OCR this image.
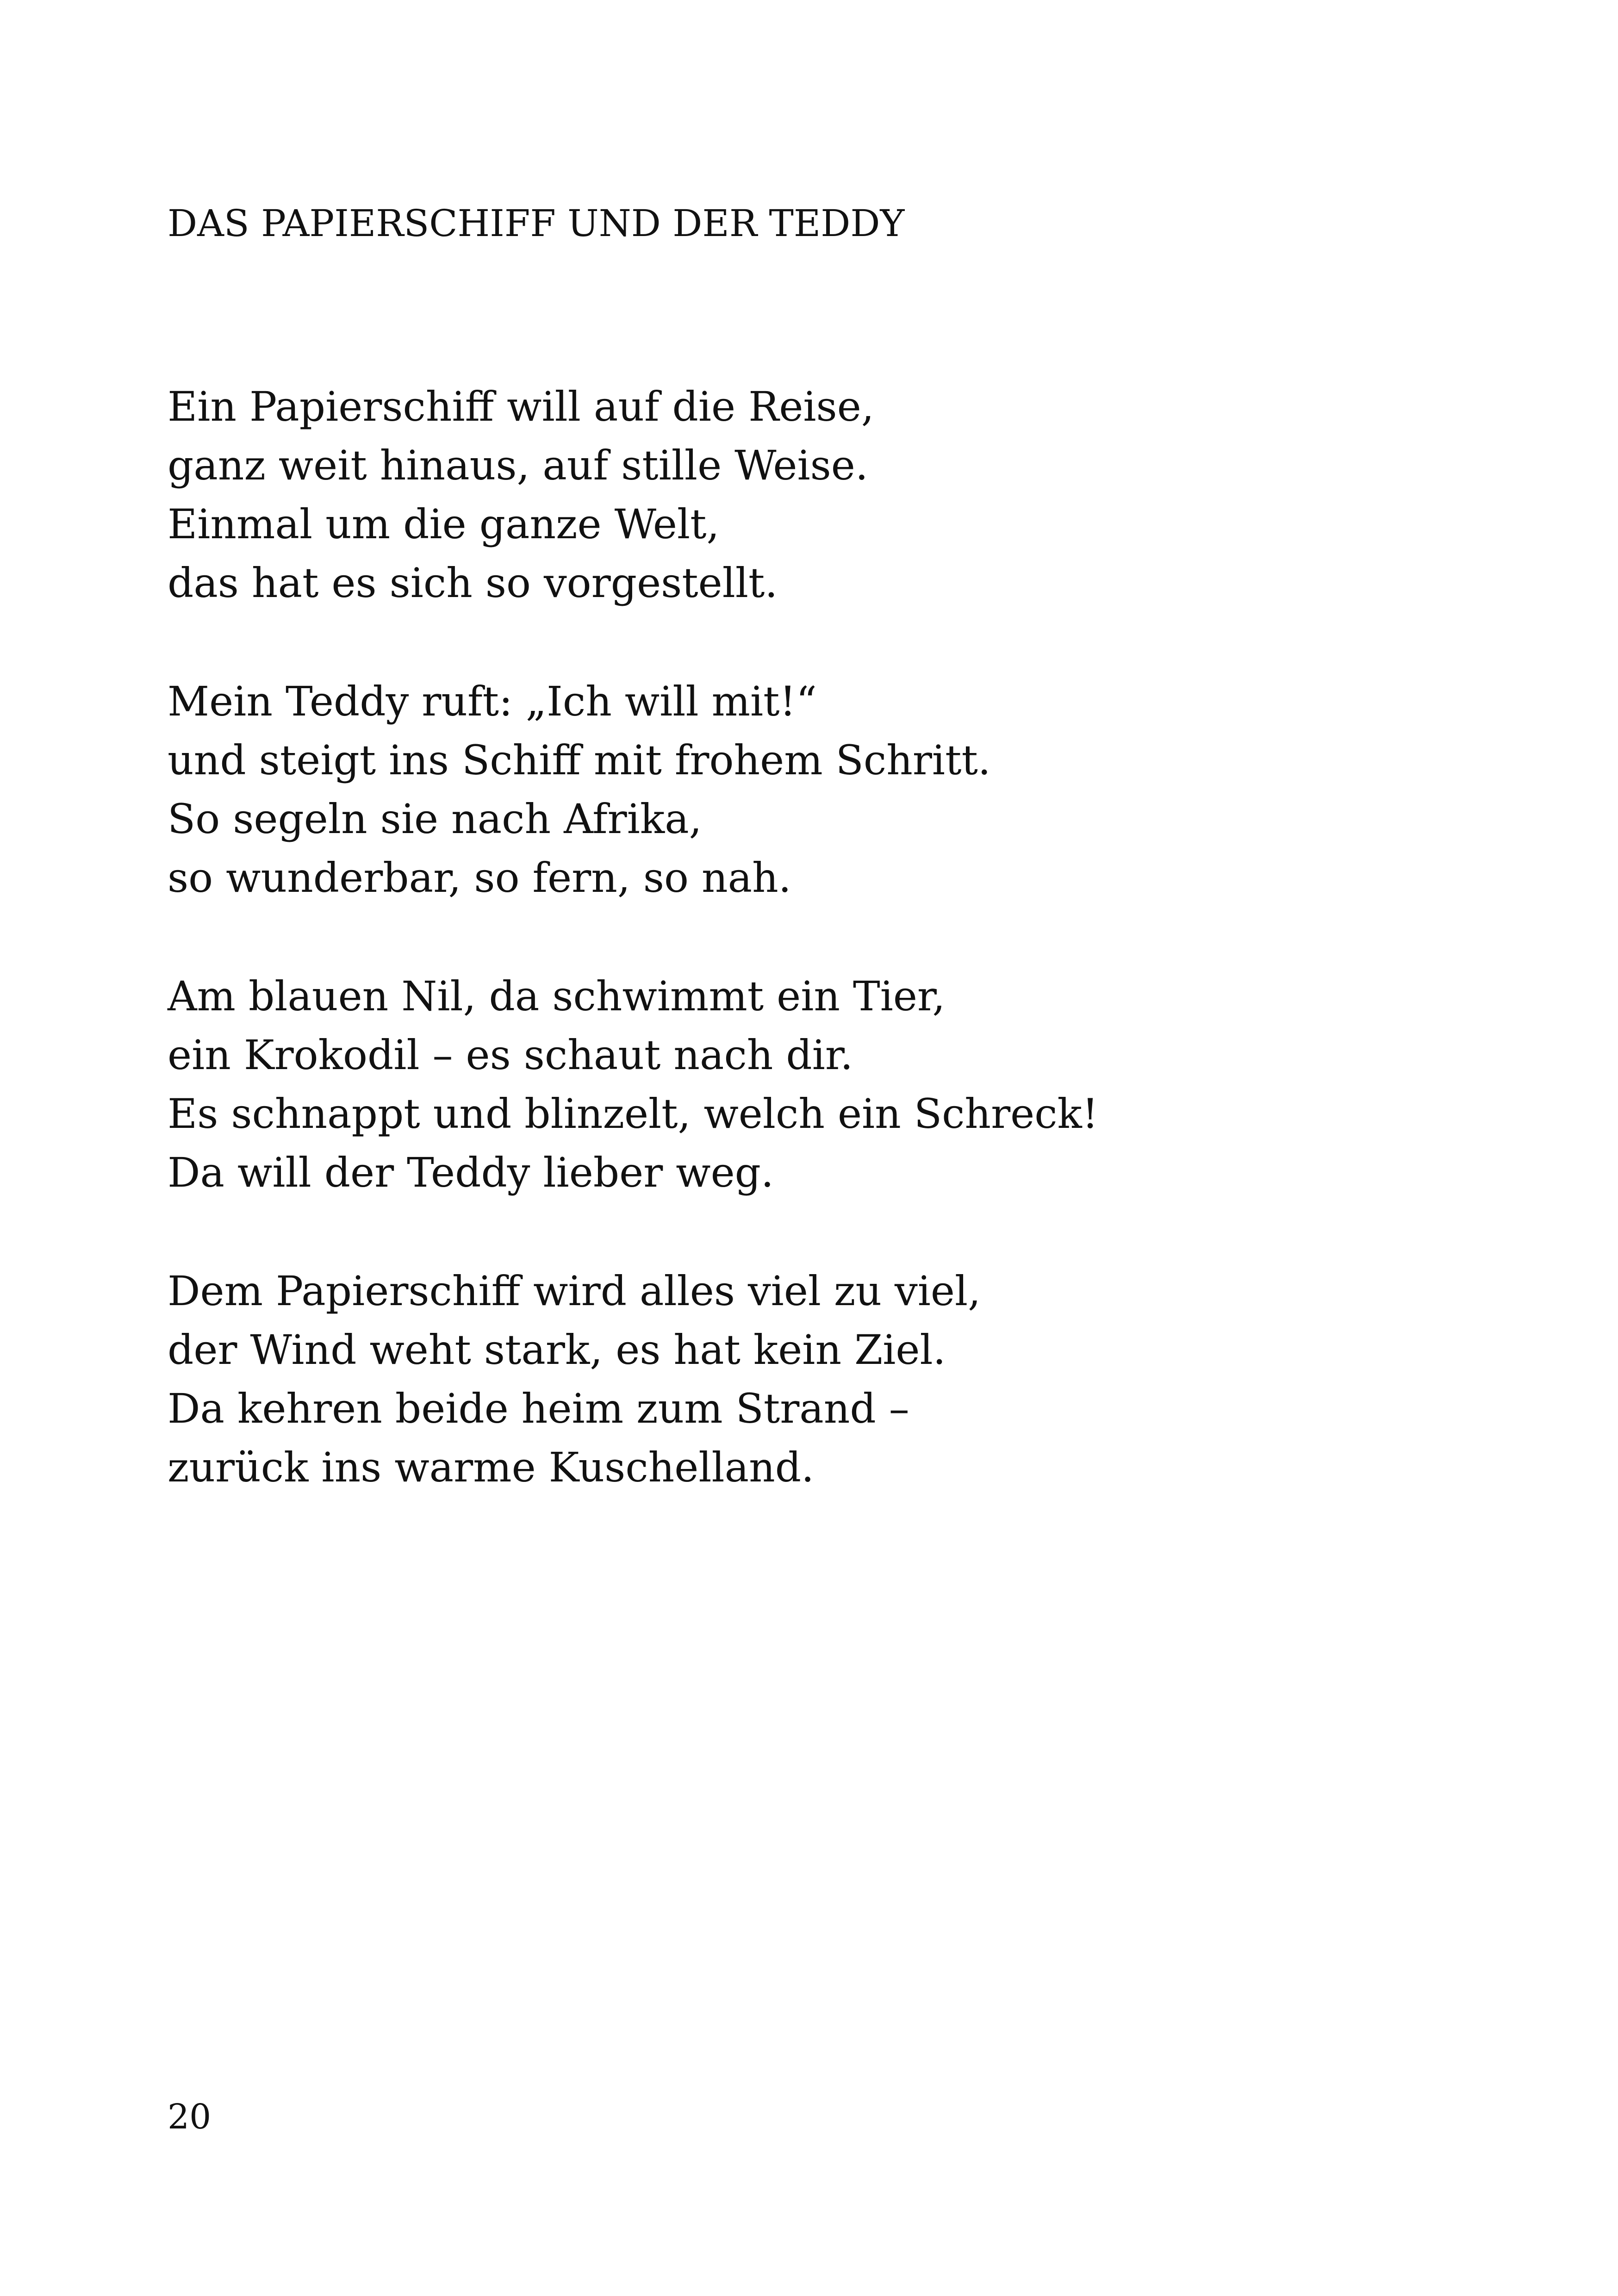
DAS PAPIERSCHIFF UND DER TEDDY
Ein Papierschiff will auf die Reise,
ganz weit hinaus, auf stille Weise.
Einmal um die ganze Welt,
das hat es sich so vorgestellt.
Mein Teddy ruft: „Ich will mit!“
und steigt ins Schiff mit frohem Schritt.
So segeln sie nach Afrika,
so wunderbar, so fern, so nah.
Am blauen Nil, da schwimmt ein Tier,
ein Krokodil – es schaut nach dir.
Es schnappt und blinzelt, welch ein Schreck!
Da will der Teddy lieber weg.
Dem Papierschiff wird alles viel zu viel,
der Wind weht stark, es hat kein Ziel.
Da kehren beide heim zum Strand –
zurück ins warme Kuschelland.

20
